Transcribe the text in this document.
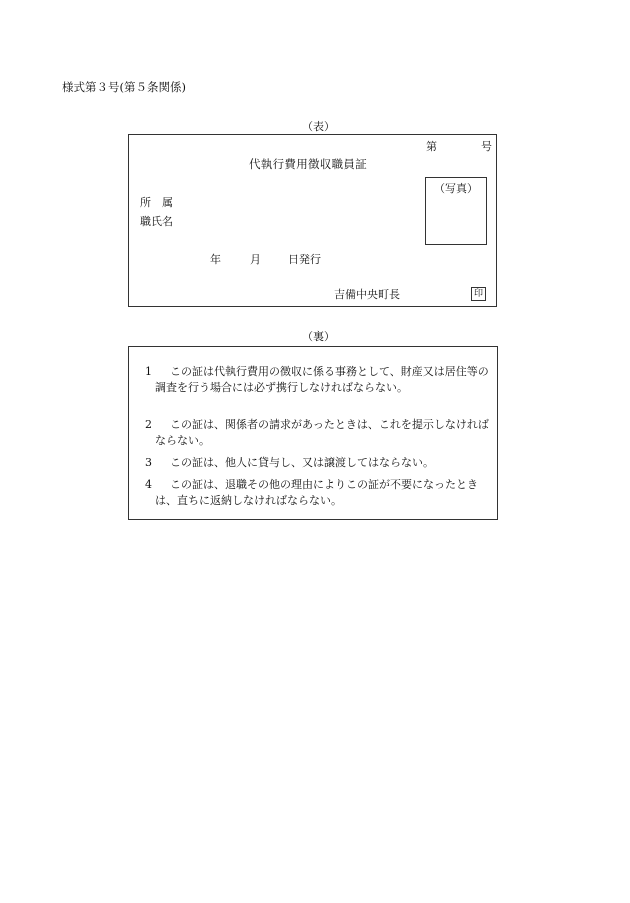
様式第３号(第５条関係)
（表）
第	号
代執行費用徴収職員証
（写真）
所　属
職氏名
年	月 日発行
吉備中央町長	印
（裏）
1	この証は代執行費用の徴収に係る事務として、財産又は居住等の調査を行う場合には必ず携行しなければならない。
2	この証は、関係者の請求があったときは、これを提示しなければならない。
3	この証は、他人に貸与し、又は譲渡してはならない。
4	この証は、退職その他の理由によりこの証が不要になったときは、直ちに返納しなければならない。
